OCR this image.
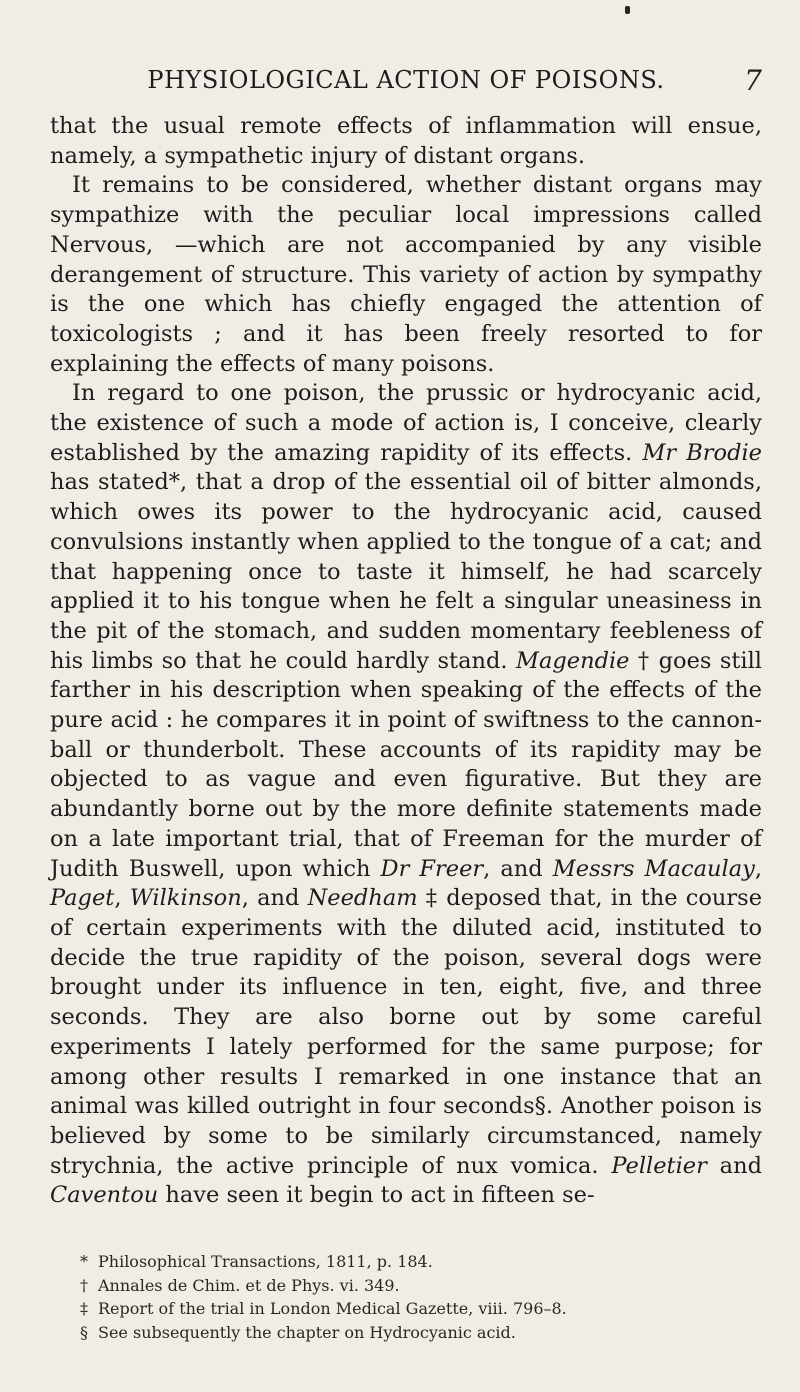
PHYSIOLOGICAL ACTION OF POISONS.	7

that the usual remote effects of inflammation will ensue, namely, a sympathetic injury of distant organs.

It remains to be considered, whether distant organs may sympathize with the peculiar local impressions called Nervous, —which are not accompanied by any visible derangement of structure. This variety of action by sympathy is the one which has chiefly engaged the attention of toxicologists ; and it has been freely resorted to for explaining the effects of many poisons.

In regard to one poison, the prussic or hydrocyanic acid, the existence of such a mode of action is, I conceive, clearly established by the amazing rapidity of its effects. Mr Brodie has stated*, that a drop of the essential oil of bitter almonds, which owes its power to the hydrocyanic acid, caused convulsions instantly when applied to the tongue of a cat; and that happening once to taste it himself, he had scarcely applied it to his tongue when he felt a singular uneasiness in the pit of the stomach, and sudden momentary feebleness of his limbs so that he could hardly stand. Magendie † goes still farther in his description when speaking of the effects of the pure acid : he compares it in point of swiftness to the cannon-ball or thunderbolt. These accounts of its rapidity may be objected to as vague and even figurative. But they are abundantly borne out by the more definite statements made on a late important trial, that of Freeman for the murder of Judith Buswell, upon which Dr Freer, and Messrs Macaulay, Paget, Wilkinson, and Needham ‡ deposed that, in the course of certain experiments with the diluted acid, instituted to decide the true rapidity of the poison, several dogs were brought under its influence in ten, eight, five, and three seconds. They are also borne out by some careful experiments I lately performed for the same purpose; for among other results I remarked in one instance that an animal was killed outright in four seconds§. Another poison is believed by some to be similarly circumstanced, namely strychnia, the active principle of nux vomica. Pelletier and Caventou have seen it begin to act in fifteen se-

* Philosophical Transactions, 1811, p. 184.
† Annales de Chim. et de Phys. vi. 349.
‡ Report of the trial in London Medical Gazette, viii. 796–8.
§ See subsequently the chapter on Hydrocyanic acid.
